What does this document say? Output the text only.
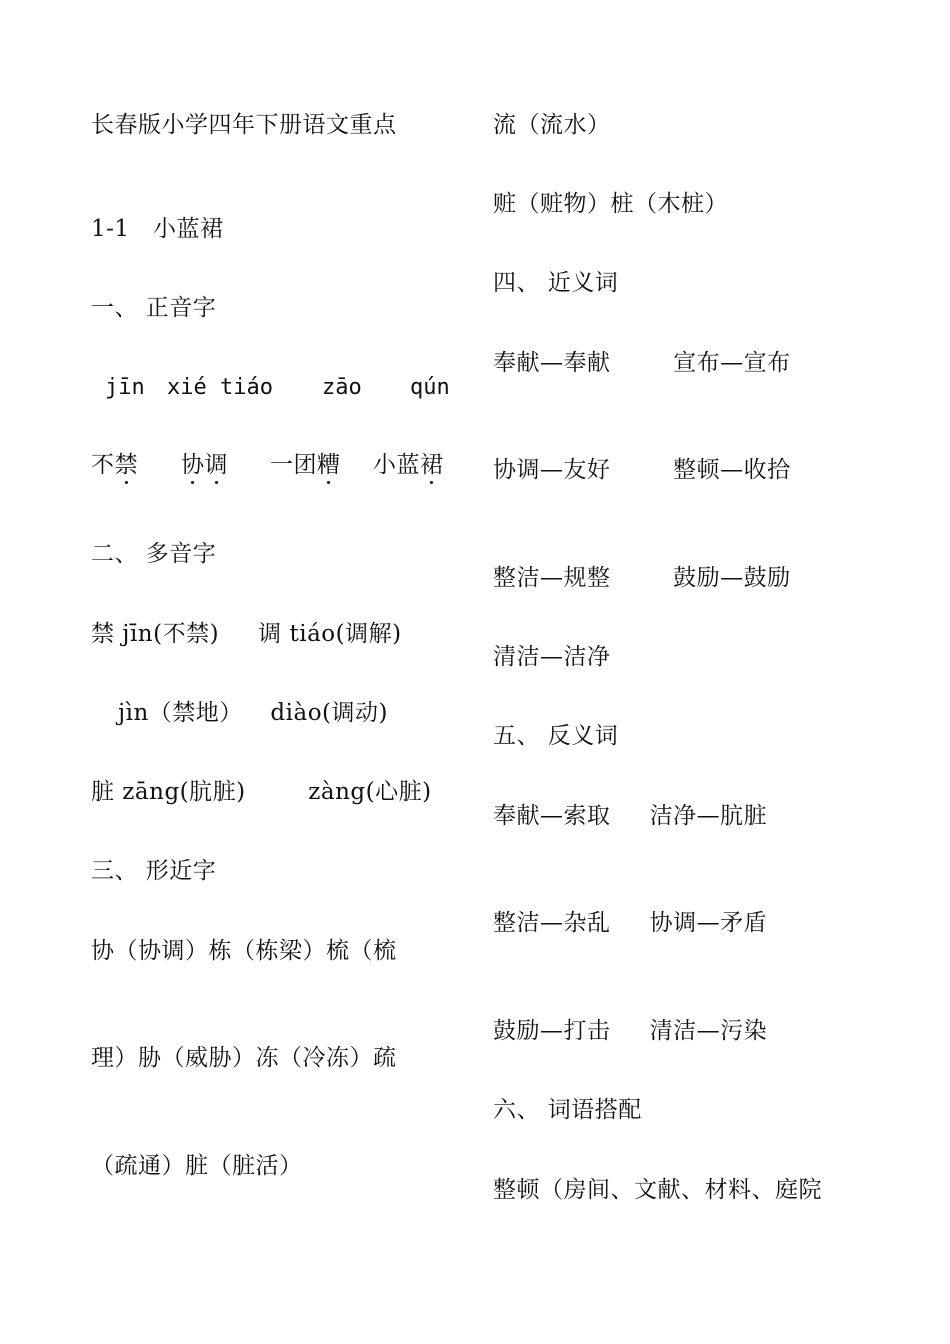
长春版小学四年下册语文重点
1-1　小蓝裙
一、 正音字
jīn xié tiáo zāo qún
不禁 协调 一团糟 小蓝裙
二、 多音字
禁 jīn(不禁)　  调 tiáo(调解)
jìn（禁地）　  diào(调动)
脏 zāng(肮脏)　　  zàng(心脏)
三、 形近字
协（协调）栋（栋梁）梳（梳
理）胁（威胁）冻（冷冻）疏
（疏通）脏（脏活）
流（流水）
赃（赃物）桩（木桩）
四、 近义词
奉献—奉献　　  宣布—宣布
协调—友好　　  整顿—收拾
整洁—规整　　  鼓励—鼓励
清洁—洁净
五、 反义词
奉献—索取　  洁净—肮脏
整洁—杂乱　  协调—矛盾
鼓励—打击　  清洁—污染
六、 词语搭配
整顿（房间、文献、材料、庭院
